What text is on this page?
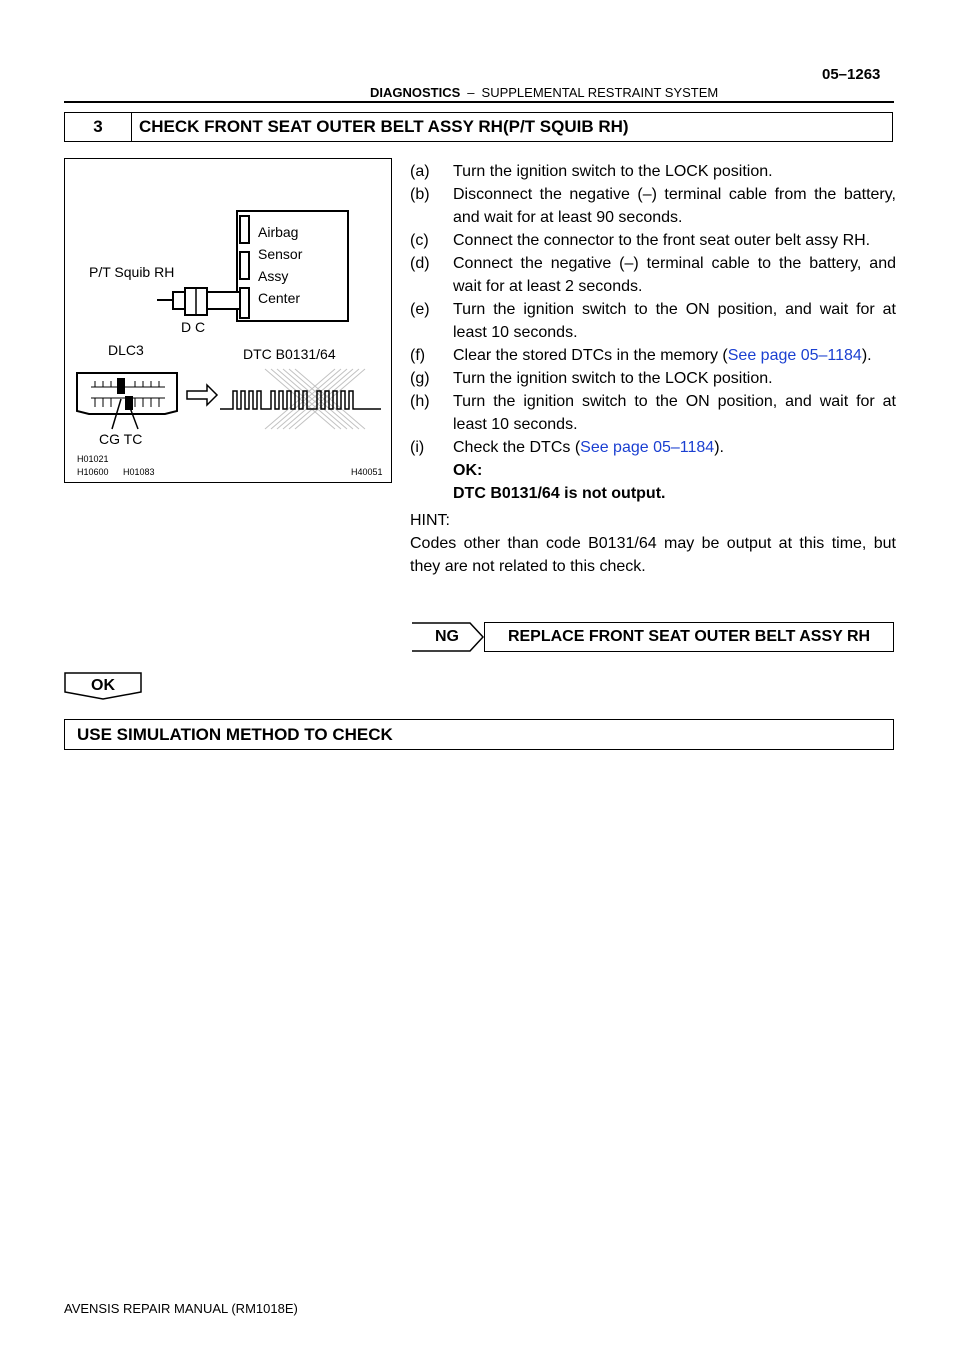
05–1263
DIAGNOSTICS – SUPPLEMENTAL RESTRAINT SYSTEM
3	CHECK FRONT SEAT OUTER BELT ASSY RH(P/T SQUIB RH)
Airbag
Sensor
Assy
Center
P/T Squib RH
D C
DLC3	DTC B0131/64
CG TC
H01021
H10600 H01083	H40051
(a) Turn the ignition switch to the LOCK position.
(b) Disconnect the negative (–) terminal cable from the battery, and wait for at least 90 seconds.
(c) Connect the connector to the front seat outer belt assy RH.
(d) Connect the negative (–) terminal cable to the battery, and wait for at least 2 seconds.
(e) Turn the ignition switch to the ON position, and wait for at least 10 seconds.
(f) Clear the stored DTCs in the memory (See page 05–1184).
(g) Turn the ignition switch to the LOCK position.
(h) Turn the ignition switch to the ON position, and wait for at least 10 seconds.
(i) Check the DTCs (See page 05–1184).
OK:
DTC B0131/64 is not output.
HINT:
Codes other than code B0131/64 may be output at this time, but they are not related to this check.
NG	REPLACE FRONT SEAT OUTER BELT ASSY RH
OK
USE SIMULATION METHOD TO CHECK
AVENSIS REPAIR MANUAL (RM1018E)
